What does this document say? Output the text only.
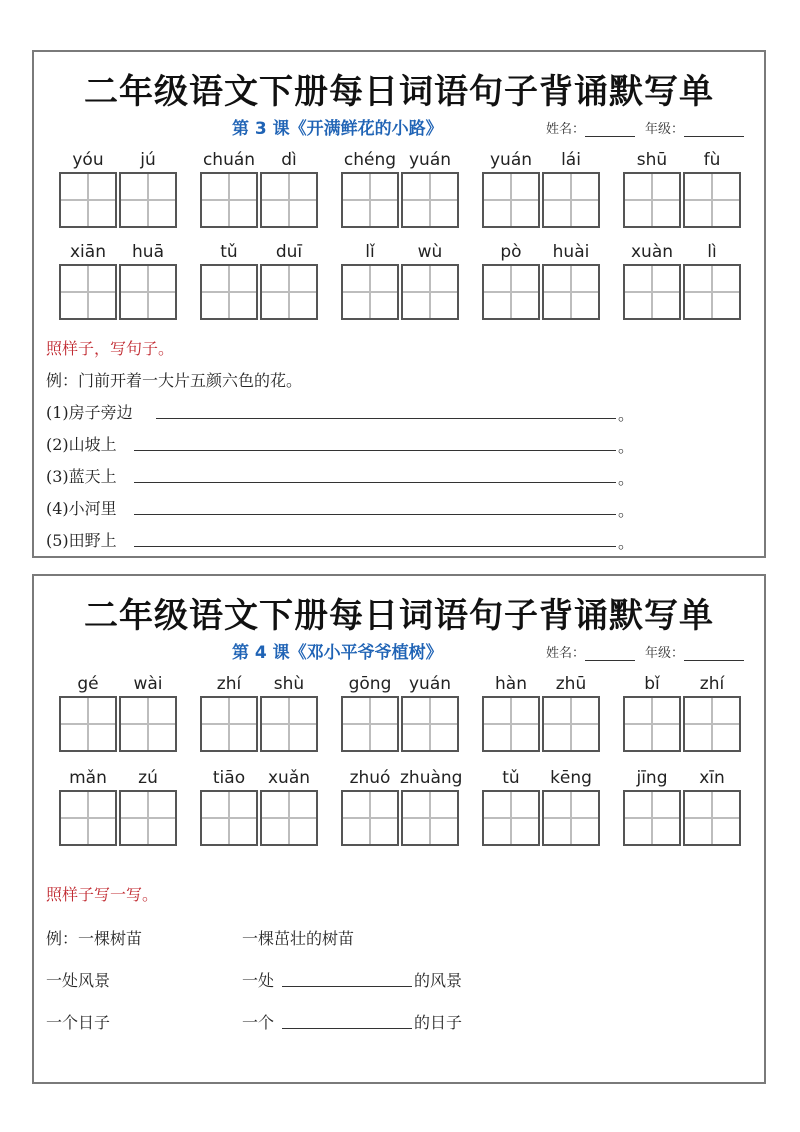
二年级语文下册每日词语句子背诵默写单
第 3 课《开满鲜花的小路》	姓名：	年级：
yóu	jú	chuán	dì	chéng yuán	yuán	lái	shū	fù
xiān	huā	tǔ	duī	lǐ	wù	pò	huài	xuàn	lì
照样子，写句子。
例：门前开着一大片五颜六色的花。
(1)房子旁边	。
(2)山坡上	。
(3)蓝天上	。
(4)小河里	。
(5)田野上	。
二年级语文下册每日词语句子背诵默写单
第 4 课《邓小平爷爷植树》	姓名：	年级：
gé	wài	zhí	shù	gōng	yuán	hàn	zhū	bǐ	zhí
mǎn	zú	tiāo	xuǎn	zhuó zhuàng	tǔ	kēng	jīng	xīn
照样子写一写。
例：一棵树苗	一棵茁壮的树苗
一处风景	一处	的风景
一个日子	一个	的日子
